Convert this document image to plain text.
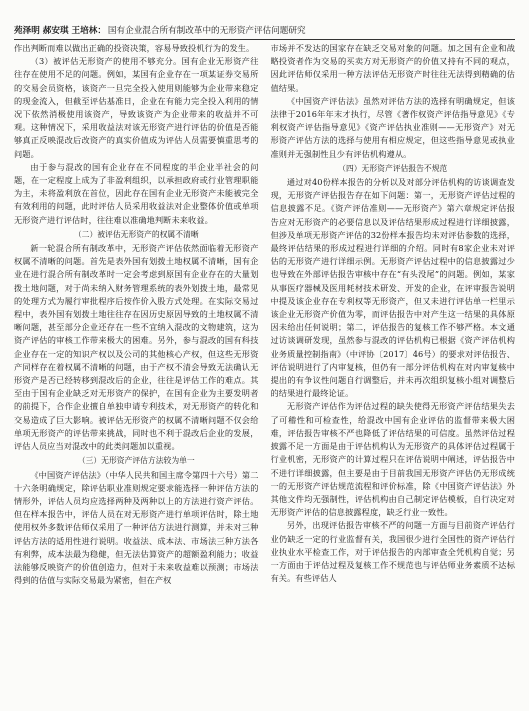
苑泽明 郝安琪 王培林： 国有企业混合所有制改革中的无形资产评估问题研究

作出判断而难以做出正确的投资决策，容易导致投机行为的发生。

（3）被评估无形资产的使用不够充分。国有企业无形资产往往存在使用不足的问题。例如，某国有企业存在一项某证券交易所的交易会员资格，该资产一旦完全投入使用则能够为企业带来稳定的现金流入，但截至评估基准日，企业在有能力完全投入利用的情况下依然消极使用该资产，导致该资产为企业带来的收益并不可观。这种情况下，采用收益法对该无形资产进行评估的价值是否能够真正反映混改后改资产的真实价值成为评估人员需要慎重思考的问题。

由于参与混改的国有企业存在不同程度的半企业半社会的问题，在一定程度上成为了非盈利组织，以承担政府或行业管理职能为主，未将盈利放在首位，因此存在国有企业无形资产未能被完全有效利用的问题，此时评估人员采用收益法对企业整体价值或单项无形资产进行评估时，往往难以准确地判断未来收益。

（二）被评估无形资产的权属不清晰

新一轮混合所有制改革中，无形资产评估依然面临着无形资产权属不清晰的问题。首先是表外国有划拨土地权属不清晰，国有企业在进行混合所有制改革时一定会考虑到原国有企业存在的大量划拨土地问题，对于尚未纳入财务管理系统的表外划拨土地，最常见的处理方式为履行审批程序后按作价入股方式处理。在实际交易过程中，表外国有划拨土地往往存在因历史原因导致的土地权属不清晰问题，甚至部分企业还存在一些不宜纳入混改的文物建筑，这为资产评估的审核工作带来极大的困难。另外，参与混改的国有科技企业存在一定的知识产权以及公司的其他核心产权，但这些无形资产同样存在着权属不清晰的问题，由于产权不清会导致无法确认无形资产是否已经转移到混改后的企业，往往是评估工作的难点。其至由于国有企业缺乏对无形资产的保护，在国有企业为主要发明者的前提下，合作企业擅自单独申请专利技术，对无形资产的转化和交易造成了巨大影响。被评估无形资产的权属不清晰问题不仅会给单项无形资产的评估带来挑战，同时也不利于混改后企业的发展，评估人员应当对混改中的此类问题加以重视。

（三）无形资产评估方法较为单一

《中国资产评估法》（中华人民共和国主席令第四十六号）第二十六条明确规定，除评估职业准则规定要求能选择一种评估方法的情形外，评估人员均应选择两种及两种以上的方法进行资产评估。但在样本报告中，评估人员在对无形资产进行单项评估时，除土地使用权外多数评估师仅采用了一种评估方法进行测算，并未对三种评估方法的适用性进行说明。收益法、成本法、市场法三种方法各有利弊，成本法最为稳健，但无法估算资产的超额盈利能力；收益法能够反映资产的价值创造力，但对于未来收益难以预测；市场法得到的估值与实际交易最为紧密，但在产权

市场并不发达的国家存在缺乏交易对象的问题。加之国有企业和战略投资者作为交易的买卖方对无形资产的价值又持有不同的观点，因此评估师仅采用一种方法评估无形资产时往往无法得到精确的估值结果。

《中国资产评估法》虽然对评估方法的选择有明确规定，但该法律于2016年年末才执行，尽管《著作权资产评估指导意见》《专利权资产评估指导意见》《资产评估执业准则——无形资产》对无形资产评估方法的选择与使用有相应规定，但这些指导意见或执业准则并无强制性且少有评估机构遵从。

（四）无形资产评估报告不规范

通过对40份样本报告的分析以及对部分评估机构的访谈调查发现，无形资产评估报告存在如下问题：第一，无形资产评估过程的信息披露不足。《资产评估准则——无形资产》第六章规定评估报告应对无形资产的必要信息以及评估结果形成过程进行详细披露，但涉及单项无形资产评估的32份样本报告均未对评估参数的选择，最终评估结果的形成过程进行详细的介绍。同时有8家企业未对评估的无形资产进行详细示例。无形资产评估过程中的信息披露过少也导致在外部评估报告审核中存在“有头没尾”的问题。例如，某家从事医疗器械及医用耗材技术研发、开发的企业，在评审报告说明中提及该企业存在专利权等无形资产，但又未进行评估单一栏里示该企业无形资产价值为零，而评估报告中对产生这一结果的具体原因未给出任何说明；第二，评估报告的复核工作不够严格。本文通过访谈调研发现，虽然参与混改的评估机构已根据《资产评估机构业务质量控制指南》（中评协〔2017〕46号）的要求对评估报告、评估说明进行了内审复核，但仍有一部分评估机构在对内审复核中提出的有争议性问题自行调整后，并未再次组织复核小组对调整后的结果进行最终论证。

无形资产评估作为评估过程的缺失使得无形资产评估结果失去了可稽性和可检查性，给混改中国有企业评估的监督带来极大困难，评估报告审核不严也降低了评估结果的可信度。虽然评估过程披露不足一方面是由于评估机构认为无形资产的具体评估过程属于行业机密，无形资产的计算过程只在评估说明中阐述，评估报告中不进行详细披露，但主要是由于目前我国无形资产评估仍无形成统一的无形资产评估规范流程和评价标准，除《中国资产评估法》外其他文件均无强制性，评估机构由自己制定评估模板，自行决定对无形资产评估的信息披露程度，缺乏行业一致性。

另外，出现评估报告审核不严的问题一方面与目前资产评估行业仍缺乏一定的行业监督有关，我国很少进行全国性的资产评估行业执业水平检查工作，对于评估报告的内部审查全凭机构自觉；另一方面由于评估过程及复核工作不规范也与评估师业务素质不达标有关。有些评估人
